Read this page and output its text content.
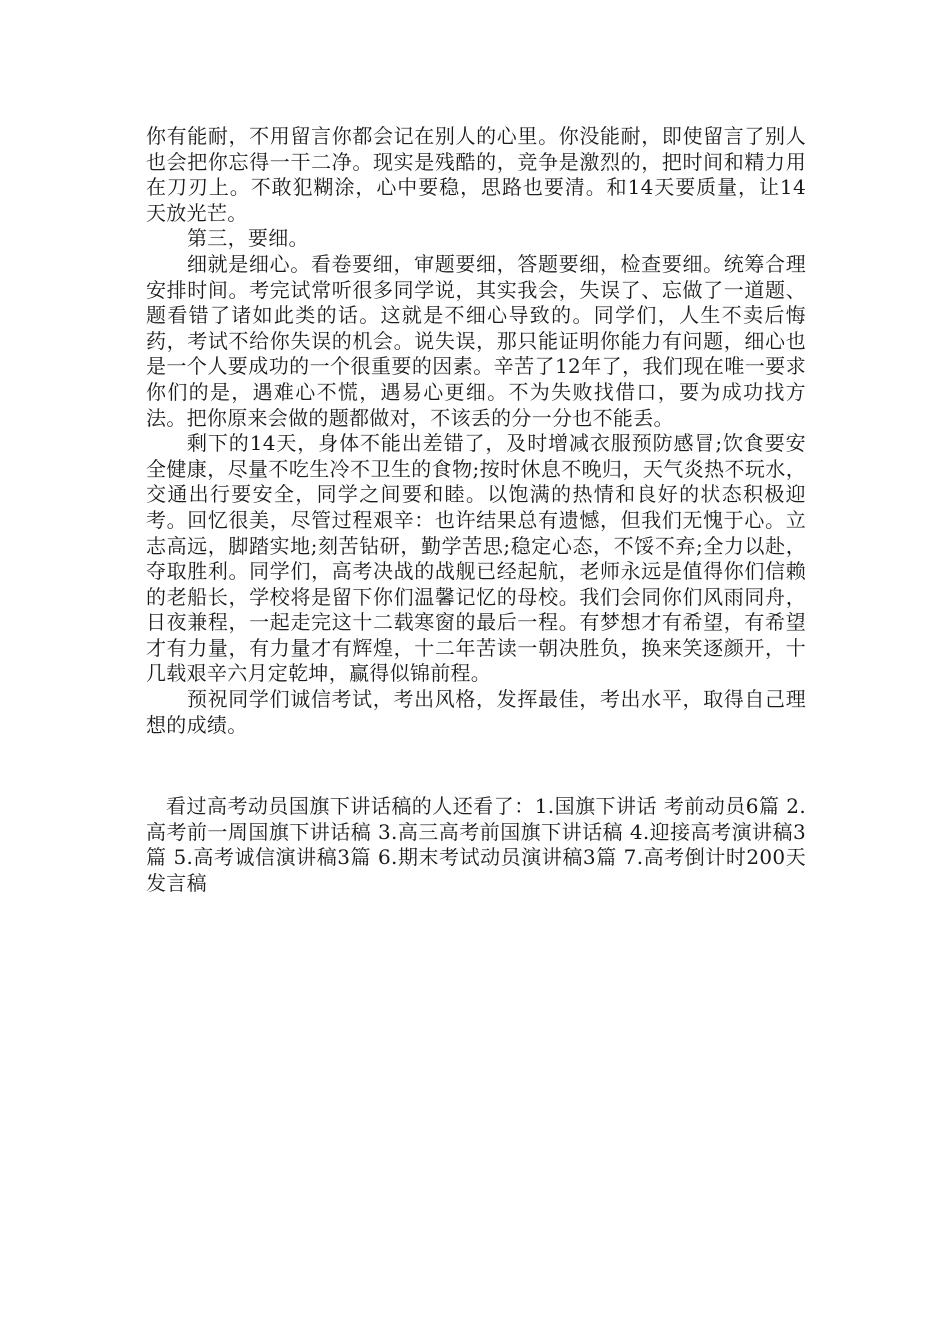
你有能耐，不用留言你都会记在别人的心里。你没能耐，即使留言了别人也会把你忘得一干二净。现实是残酷的，竞争是激烈的，把时间和精力用在刀刃上。不敢犯糊涂，心中要稳，思路也要清。和14天要质量，让14天放光芒。

第三，要细。

细就是细心。看卷要细，审题要细，答题要细，检查要细。统筹合理安排时间。考完试常听很多同学说，其实我会，失误了、忘做了一道题、题看错了诸如此类的话。这就是不细心导致的。同学们，人生不卖后悔药，考试不给你失误的机会。说失误，那只能证明你能力有问题，细心也是一个人要成功的一个很重要的因素。辛苦了12年了，我们现在唯一要求你们的是，遇难心不慌，遇易心更细。不为失败找借口，要为成功找方法。把你原来会做的题都做对，不该丢的分一分也不能丢。

剩下的14天，身体不能出差错了，及时增减衣服预防感冒;饮食要安全健康，尽量不吃生冷不卫生的食物;按时休息不晚归，天气炎热不玩水，交通出行要安全，同学之间要和睦。以饱满的热情和良好的状态积极迎考。回忆很美，尽管过程艰辛：也许结果总有遗憾，但我们无愧于心。立志高远，脚踏实地;刻苦钻研，勤学苦思;稳定心态，不馁不弃;全力以赴，夺取胜利。同学们，高考决战的战舰已经起航，老师永远是值得你们信赖的老船长，学校将是留下你们温馨记忆的母校。我们会同你们风雨同舟，日夜兼程，一起走完这十二载寒窗的最后一程。有梦想才有希望，有希望才有力量，有力量才有辉煌，十二年苦读一朝决胜负，换来笑逐颜开，十几载艰辛六月定乾坤，赢得似锦前程。

预祝同学们诚信考试，考出风格，发挥最佳，考出水平，取得自己理想的成绩。

看过高考动员国旗下讲话稿的人还看了：1.国旗下讲话 考前动员6篇 2.高考前一周国旗下讲话稿 3.高三高考前国旗下讲话稿 4.迎接高考演讲稿3篇 5.高考诚信演讲稿3篇 6.期末考试动员演讲稿3篇 7.高考倒计时200天发言稿
